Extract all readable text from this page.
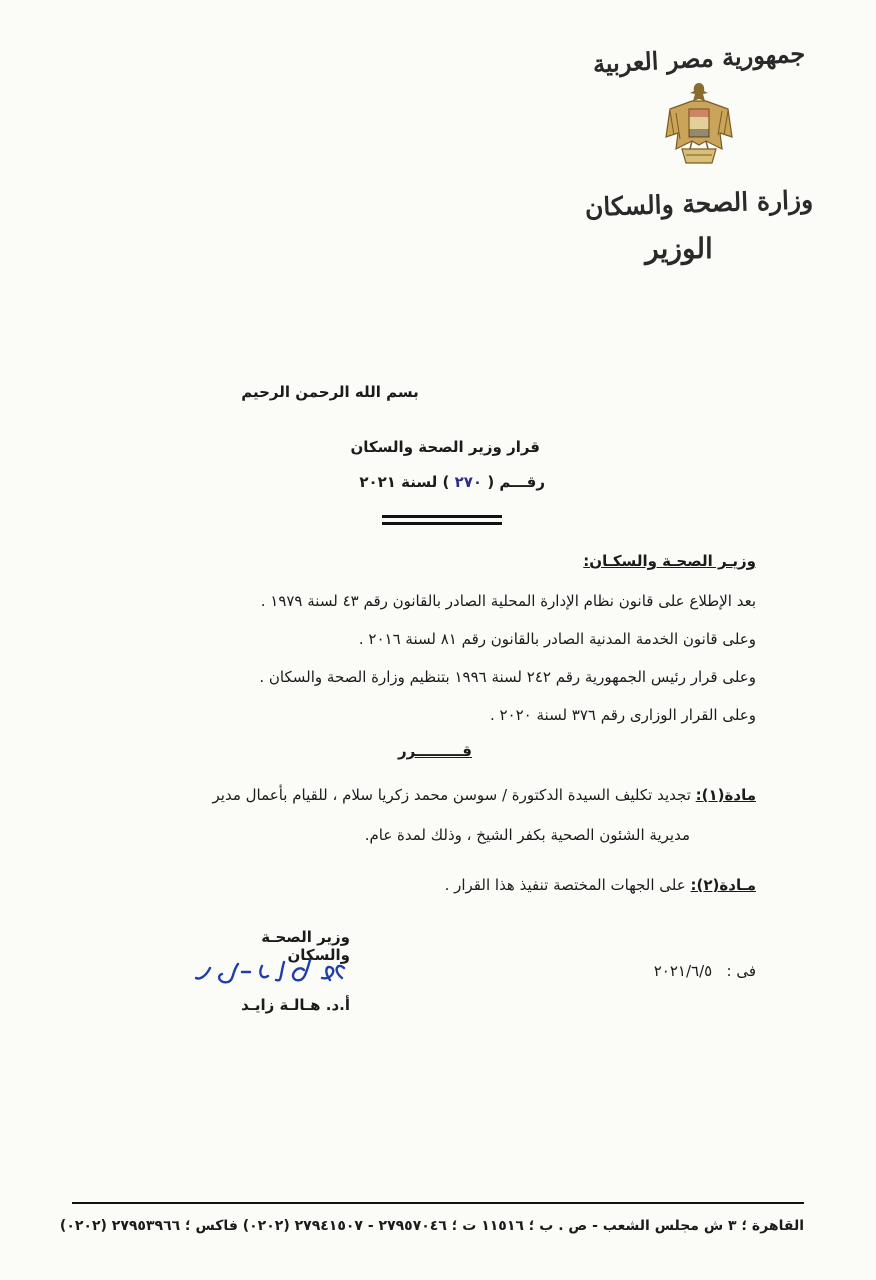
جمهورية مصر العربية
وزارة الصحة والسكان
الوزير
بسم الله الرحمن الرحيم
قرار وزير الصحة والسكان
رقـــم ( ٢٧٠ ) لسنة ٢٠٢١
وزيـر الصحـة والسكـان:
بعد الإطلاع على قانون نظام الإدارة المحلية الصادر بالقانون رقم ٤٣ لسنة ١٩٧٩ .
وعلى قانون الخدمة المدنية الصادر بالقانون رقم ٨١ لسنة ٢٠١٦ .
وعلى قرار رئيس الجمهورية رقم ٢٤٢ لسنة ١٩٩٦ بتنظيم وزارة الصحة والسكان .
وعلى القرار الوزارى رقم ٣٧٦ لسنة ٢٠٢٠ .
قـــــــــرر
مادة(١): تجديد تكليف السيدة الدكتورة / سوسن محمد زكريا سلام ، للقيام بأعمال مدير
مديرية الشئون الصحية بكفر الشيخ ، وذلك لمدة عام.
مـادة(٢): على الجهات المختصة تنفيذ هذا القرار .
وزير الصحـة والسكان
أ.د. هـالـة زايـد
فى :   ٢٠٢١/٦/٥
القاهرة ؛ ٣ ش مجلس الشعب - ص . ب ؛ ١١٥١٦ ت ؛ ٢٧٩٥٧٠٤٦ - ٢٧٩٤١٥٠٧ (٠٢٠٢) فاكس ؛ ٢٧٩٥٣٩٦٦ (٠٢٠٢)
